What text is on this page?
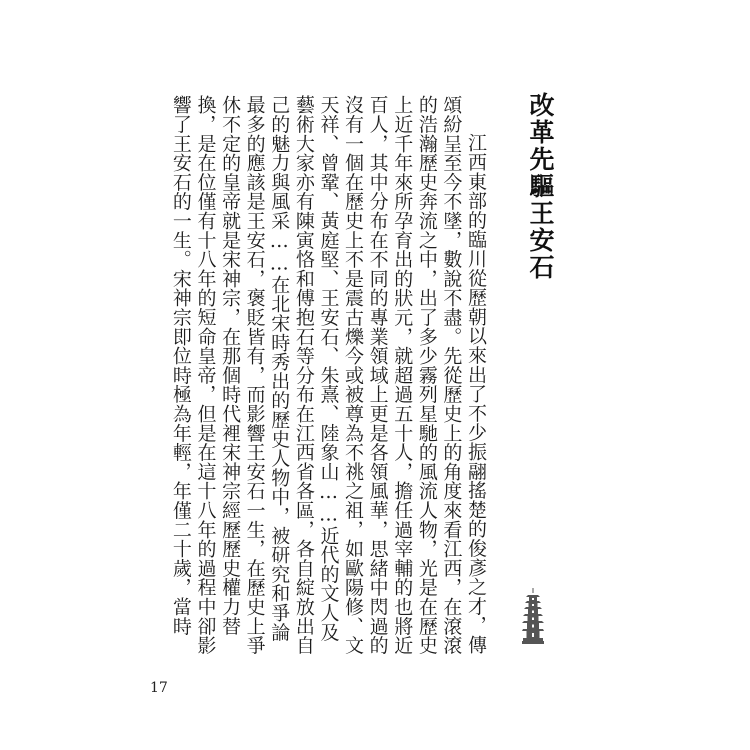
改革先驅王安石

江西東部的臨川從歷朝以來出了不少振翮搖楚的俊彥之才，傳頌紛呈至今不墜，數說不盡。先從歷史上的角度來看江西，在滾滾的浩瀚歷史奔流之中，出了多少霧列星馳的風流人物，光是在歷史上近千年來所孕育出的狀元，就超過五十人，擔任過宰輔的也將近百人，其中分布在不同的專業領域上更是各領風華，思緒中閃過的沒有一個在歷史上不是震古爍今或被尊為不祧之祖，如歐陽修、文天祥、曾鞏、黃庭堅、王安石、朱熹、陸象山……近代的文人及藝術大家亦有陳寅恪和傅抱石等分布在江西省各區，各自綻放出自己的魅力與風采……在北宋時秀出的歷史人物中，被研究和爭論最多的應該是王安石，褒貶皆有，而影響王安石一生，在歷史上爭休不定的皇帝就是宋神宗，在那個時代裡宋神宗經歷歷史權力替換，是在位僅有十八年的短命皇帝，但是在這十八年的過程中卻影響了王安石的一生。宋神宗即位時極為年輕，年僅二十歲，當時

17
